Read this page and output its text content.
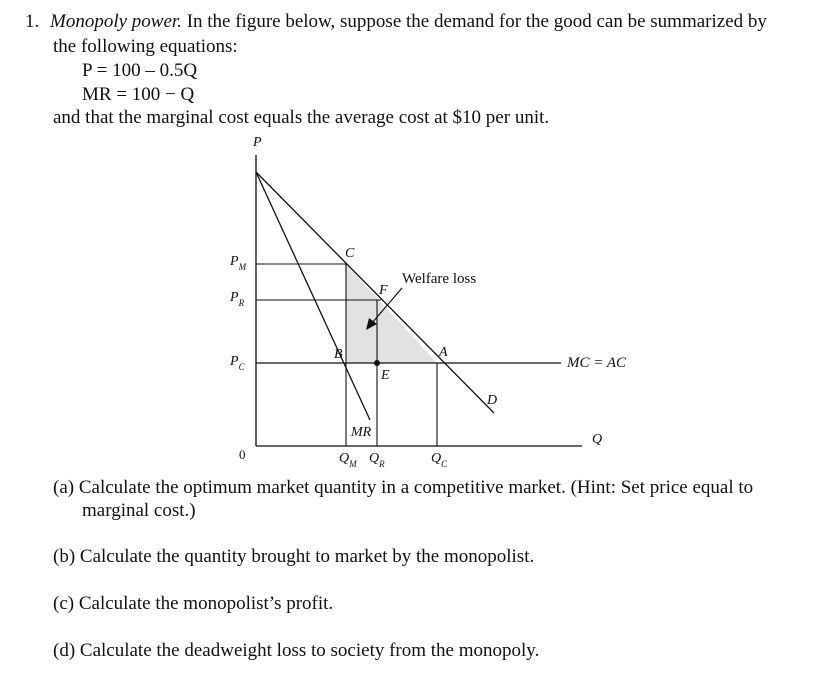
1. Monopoly power. In the figure below, suppose the demand for the good can be summarized by
the following equations:
P = 100 – 0.5Q
MR = 100 − Q
and that the marginal cost equals the average cost at $10 per unit.
P
Q
0
$P_M$
$P_R$
$P_C$
$Q_M$ $Q_R$	$Q_C$
C
F
B	A
E
D
MR
Welfare loss
MC = AC
(a) Calculate the optimum market quantity in a competitive market. (Hint: Set price equal to
marginal cost.)
(b) Calculate the quantity brought to market by the monopolist.
(c) Calculate the monopolist’s profit.
(d) Calculate the deadweight loss to society from the monopoly.
